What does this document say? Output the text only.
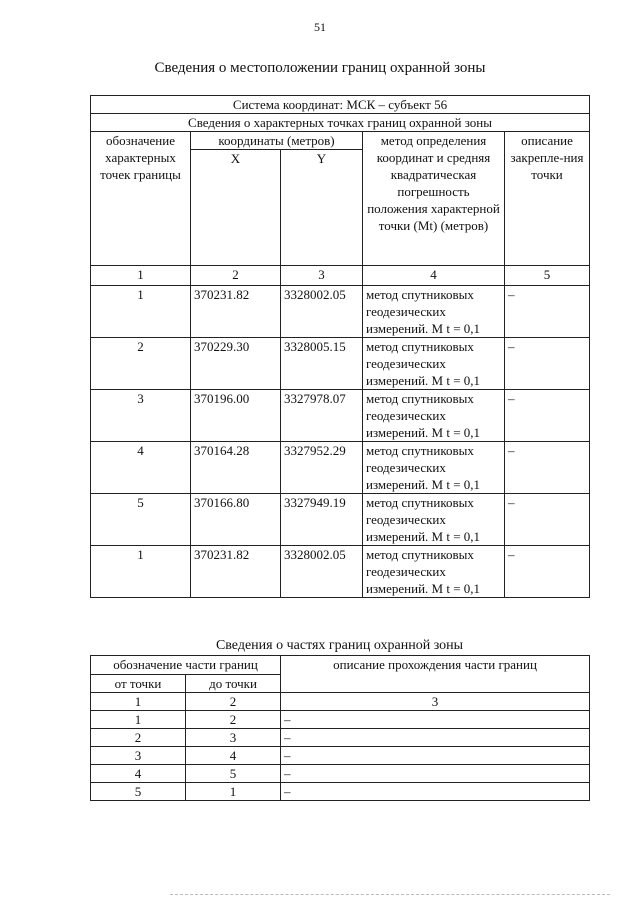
51
Сведения о местоположении границ охранной зоны
Система координат: МСК – субъект 56				
Сведения о характерных точках границ охранной зоны				
обозначение характерных точек границы	координаты (метров)		метод определения координат и средняя квадратическая погрешность положения характерной точки (Mt) (метров)	описание закрепле-ния точки
	X	Y		
1	2	3	4	5
1	370231.82	3328002.05	метод спутниковых геодезических измерений. M t = 0,1	–
2	370229.30	3328005.15	метод спутниковых геодезических измерений. M t = 0,1	–
3	370196.00	3327978.07	метод спутниковых геодезических измерений. M t = 0,1	–
4	370164.28	3327952.29	метод спутниковых геодезических измерений. M t = 0,1	–
5	370166.80	3327949.19	метод спутниковых геодезических измерений. M t = 0,1	–
1	370231.82	3328002.05	метод спутниковых геодезических измерений. M t = 0,1	–
Сведения о частях границ охранной зоны
обозначение части границ		описание прохождения части границ
от точки	до точки	
1	2	3
1	2	–
2	3	–
3	4	–
4	5	–
5	1	–
